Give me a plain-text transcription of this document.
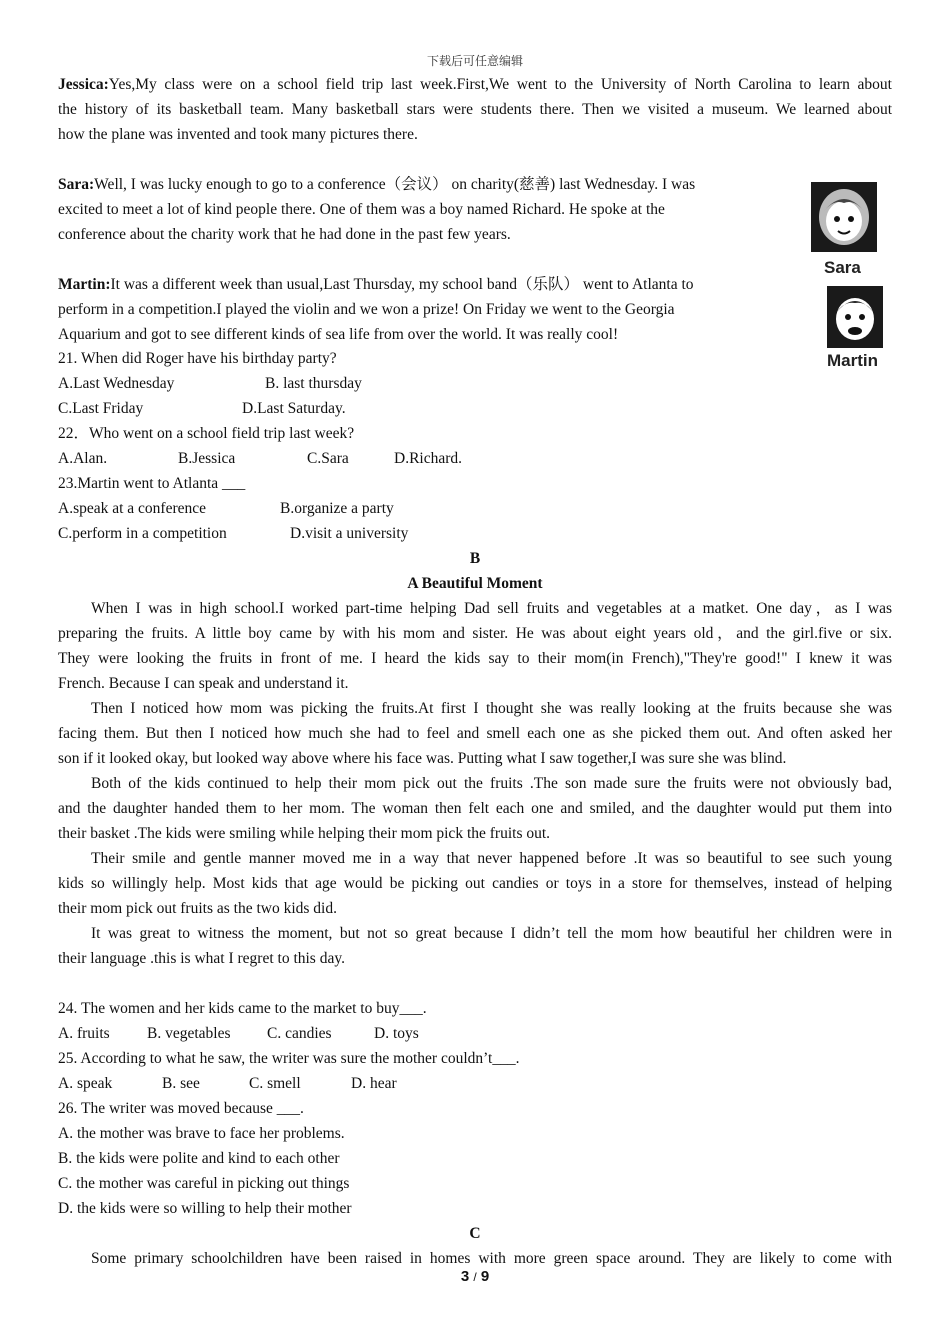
下载后可任意编辑
Jessica:Yes,My class were on a school field trip last week.First,We went to the University of North Carolina to learn about
the history of its basketball team. Many basketball stars were students there. Then we visited a museum. We learned about
how the plane was invented and took many pictures there.
Sara:Well, I was lucky enough to go to a conference（会议） on charity(慈善) last Wednesday. I was
excited to meet a lot of kind people there. One of them was a boy named Richard. He spoke at the
conference about the charity work that he had done in the past few years.
Martin:It was a different week than usual,Last Thursday, my school band（乐队） went to Atlanta to
perform in a competition.I played the violin and we won a prize! On Friday we went to the Georgia
Aquarium and got to see different kinds of sea life from over the world. It was really cool!
Sara
Martin
21. When did Roger have his birthday party?
A.Last Wednesday	B. last thursday
C.Last Friday	D.Last Saturday.
22．Who went on a school field trip last week?
A.Alan.	B.Jessica	C.Sara	D.Richard.
23.Martin went to Atlanta ___
A.speak at a conference	B.organize a party
C.perform in a competition	D.visit a university
B
A Beautiful Moment
When I was in high school.I worked part-time helping Dad sell fruits and vegetables at a matket. One day，as I was
preparing the fruits. A little boy came by with his mom and sister. He was about eight years old，and the girl.five or six.
They were looking the fruits in front of me. I heard the kids say to their mom(in French),"They're good!" I knew it was
French. Because I can speak and understand it.
Then I noticed how mom was picking the fruits.At first I thought she was really looking at the fruits because she was
facing them. But then I noticed how much she had to feel and smell each one as she picked them out. And often asked her
son if it looked okay, but looked way above where his face was. Putting what I saw together,I was sure she was blind.
Both of the kids continued to help their mom pick out the fruits .The son made sure the fruits were not obviously bad,
and the daughter handed them to her mom. The woman then felt each one and smiled, and the daughter would put them into
their basket .The kids were smiling while helping their mom pick the fruits out.
Their smile and gentle manner moved me in a way that never happened before .It was so beautiful to see such young
kids so willingly help. Most kids that age would be picking out candies or toys in a store for themselves, instead of helping
their mom pick out fruits as the two kids did.
It was great to witness the moment, but not so great because I didn’t tell the mom how beautiful her children were in
their language .this is what I regret to this day.
24. The women and her kids came to the market to buy___.
A. fruits B. vegetables C. candies	D. toys
25. According to what he saw, the writer was sure the mother couldn’t___.
A. speak	B. see	C. smell	D. hear
26. The writer was moved because ___.
A. the mother was brave to face her problems.
B. the kids were polite and kind to each other
C. the mother was careful in picking out things
D. the kids were so willing to help their mother
C
Some primary schoolchildren have been raised in homes with more green space around. They are likely to come with
3 / 9
